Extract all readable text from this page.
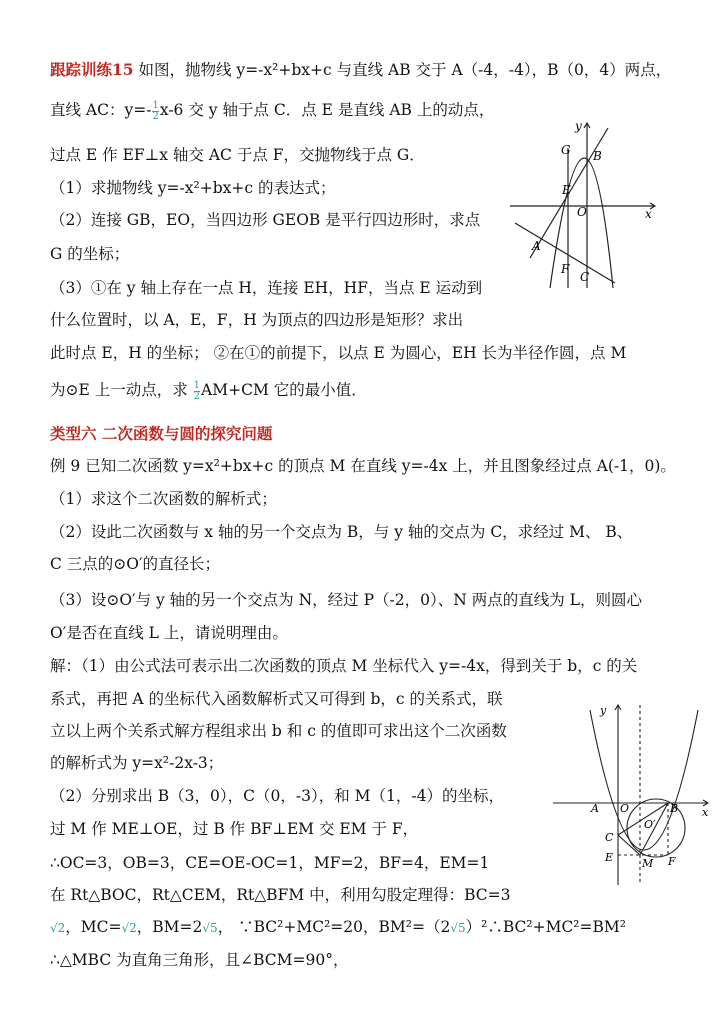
跟踪训练15 如图，抛物线 y=-x²+bx+c 与直线 AB 交于 A（-4，-4），B（0，4）两点，
直线 AC：$y=- \frac{1}{2} x-6$ 交 y 轴于点 C．点 E 是直线 AB 上的动点，
过点 E 作 EF⊥x 轴交 AC 于点 F，交抛物线于点 G．
（1）求抛物线 y=-x²+bx+c 的表达式；
（2）连接 GB，EO，当四边形 GEOB 是平行四边形时，求点
G 的坐标；
（3）①在 y 轴上存在一点 H，连接 EH，HF，当点 E 运动到
什么位置时，以 A，E，F，H 为顶点的四边形是矩形？求出
此时点 E，H 的坐标； ②在①的前提下，以点 E 为圆心，EH 长为半径作圆，点 M
为⊙E 上一动点，求 $\frac{1}{2} AM+CM$ 它的最小值．
y
x
G B
E
O
A
F
C
类型六 二次函数与圆的探究问题
例 9 已知二次函数 y=x²+bx+c 的顶点 M 在直线 y=-4x 上，并且图象经过点 A(-1，0)。
（1）求这个二次函数的解析式；
（2）设此二次函数与 x 轴的另一个交点为 B，与 y 轴的交点为 C，求经过 M、 B、
C 三点的⊙O′的直径长；
（3）设⊙O′与 y 轴的另一个交点为 N，经过 P（-2，0）、N 两点的直线为 L，则圆心
O′是否在直线 L 上，请说明理由。
解：（1）由公式法可表示出二次函数的顶点 M 坐标代入 y=-4x，得到关于 b，c 的关
系式，再把 A 的坐标代入函数解析式又可得到 b，c 的关系式，联
立以上两个关系式解方程组求出 b 和 c 的值即可求出这个二次函数
的解析式为 y=x²-2x-3；
（2）分别求出 B（3，0），C（0，-3），和 M（1，-4）的坐标，
过 M 作 ME⊥OE，过 B 作 BF⊥EM 交 EM 于 F，
∴OC=3，OB=3，CE=OE-OC=1，MF=2，BF=4，EM=1
在 Rt△BOC，Rt△CEM，Rt△BFM 中，利用勾股定理得：BC=3
√2，MC=√2，BM=2√5， ∵BC²+MC²=20，BM²=（2√5）²∴BC²+MC²=BM²
∴△MBC 为直角三角形，且∠BCM=90°，
y
x
A O	B
C
E	M F
O′
